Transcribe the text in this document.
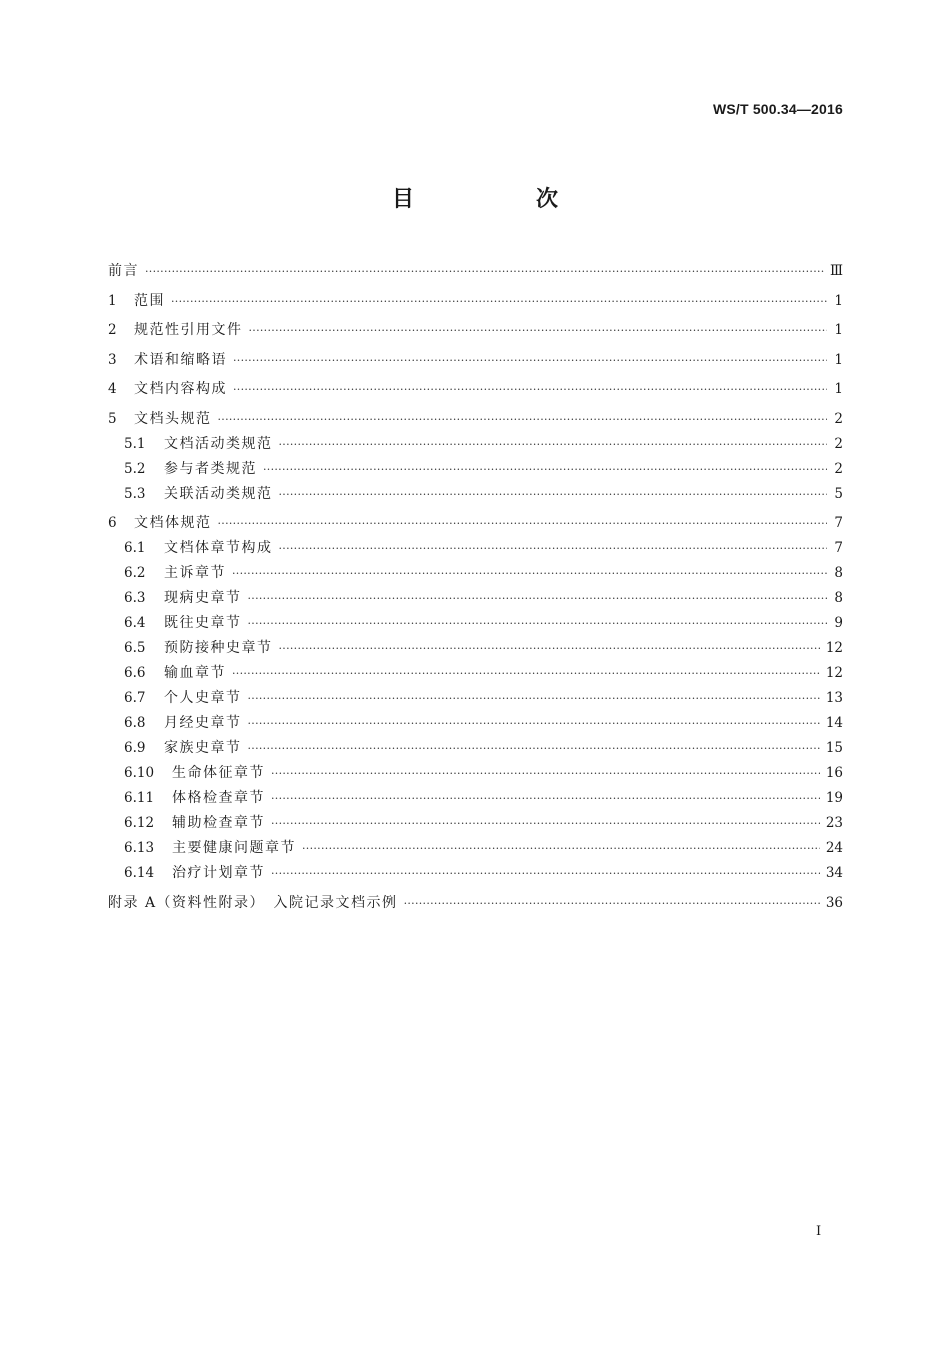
WS/T 500.34—2016
目　次
前言 ·····	Ⅲ
1	范围 ·····	1
2	规范性引用文件 ·····	1
3	术语和缩略语 ·····	1
4	文档内容构成 ·····	1
5	文档头规范 ·····	2
5.1	文档活动类规范 ·····	2
5.2	参与者类规范 ·····	2
5.3	关联活动类规范 ·····	5
6	文档体规范 ·····	7
6.1	文档体章节构成 ·····	7
6.2	主诉章节 ·····	8
6.3	现病史章节 ·····	8
6.4	既往史章节 ·····	9
6.5	预防接种史章节 ·····	12
6.6	输血章节 ·····	12
6.7	个人史章节 ·····	13
6.8	月经史章节 ·····	14
6.9	家族史章节 ·····	15
6.10	生命体征章节 ·····	16
6.11	体格检查章节 ·····	19
6.12	辅助检查章节 ·····	23
6.13	主要健康问题章节 ·····	24
6.14	治疗计划章节 ·····	34
附录 A（资料性附录）　入院记录文档示例 ·····	36
Ⅰ
